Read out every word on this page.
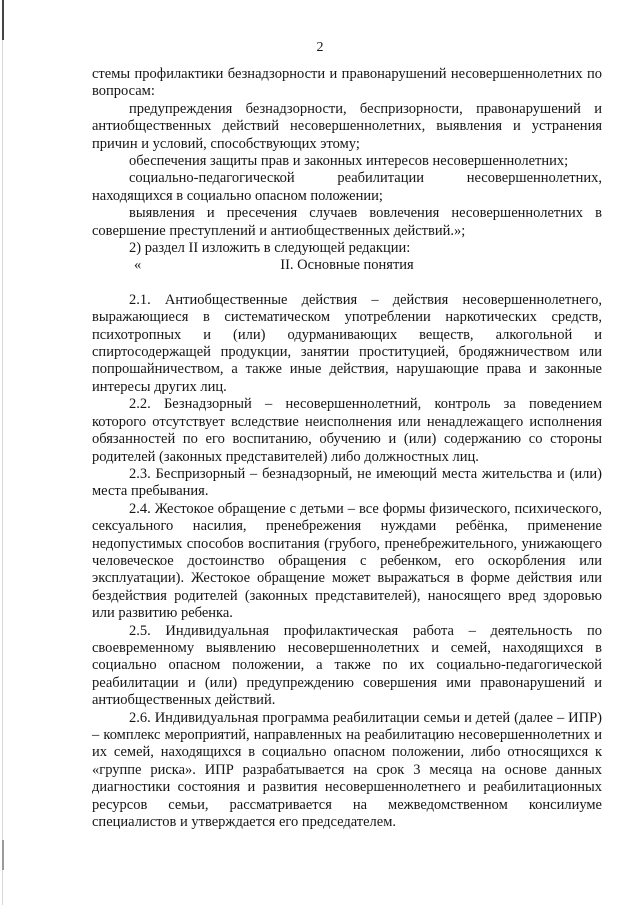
2

стемы профилактики безнадзорности и правонарушений несовершеннолетних по вопросам:

предупреждения безнадзорности, беспризорности, правонарушений и антиобщественных действий несовершеннолетних, выявления и устранения причин и условий, способствующих этому;

обеспечения защиты прав и законных интересов несовершеннолетних;

социально-педагогической реабилитации несовершеннолетних, находящихся в социально опасном положении;

выявления и пресечения случаев вовлечения несовершеннолетних в совершение преступлений и антиобщественных действий.»;

2) раздел II изложить в следующей редакции:

«	II. Основные понятия

2.1. Антиобщественные действия – действия несовершеннолетнего, выражающиеся в систематическом употреблении наркотических средств, психотропных и (или) одурманивающих веществ, алкогольной и спиртосодержащей продукции, занятии проституцией, бродяжничеством или попрошайничеством, а также иные действия, нарушающие права и законные интересы других лиц.

2.2. Безнадзорный – несовершеннолетний, контроль за поведением которого отсутствует вследствие неисполнения или ненадлежащего исполнения обязанностей по его воспитанию, обучению и (или) содержанию со стороны родителей (законных представителей) либо должностных лиц.

2.3. Беспризорный – безнадзорный, не имеющий места жительства и (или) места пребывания.

2.4. Жестокое обращение с детьми – все формы физического, психического, сексуального насилия, пренебрежения нуждами ребёнка, применение недопустимых способов воспитания (грубого, пренебрежительного, унижающего человеческое достоинство обращения с ребенком, его оскорбления или эксплуатации). Жестокое обращение может выражаться в форме действия или бездействия родителей (законных представителей), наносящего вред здоровью или развитию ребенка.

2.5. Индивидуальная профилактическая работа – деятельность по своевременному выявлению несовершеннолетних и семей, находящихся в социально опасном положении, а также по их социально-педагогической реабилитации и (или) предупреждению совершения ими правонарушений и антиобщественных действий.

2.6. Индивидуальная программа реабилитации семьи и детей (далее – ИПР) – комплекс мероприятий, направленных на реабилитацию несовершеннолетних и их семей, находящихся в социально опасном положении, либо относящихся к «группе риска». ИПР разрабатывается на срок 3 месяца на основе данных диагностики состояния и развития несовершеннолетнего и реабилитационных ресурсов семьи, рассматривается на межведомственном консилиуме специалистов и утверждается его председателем.
